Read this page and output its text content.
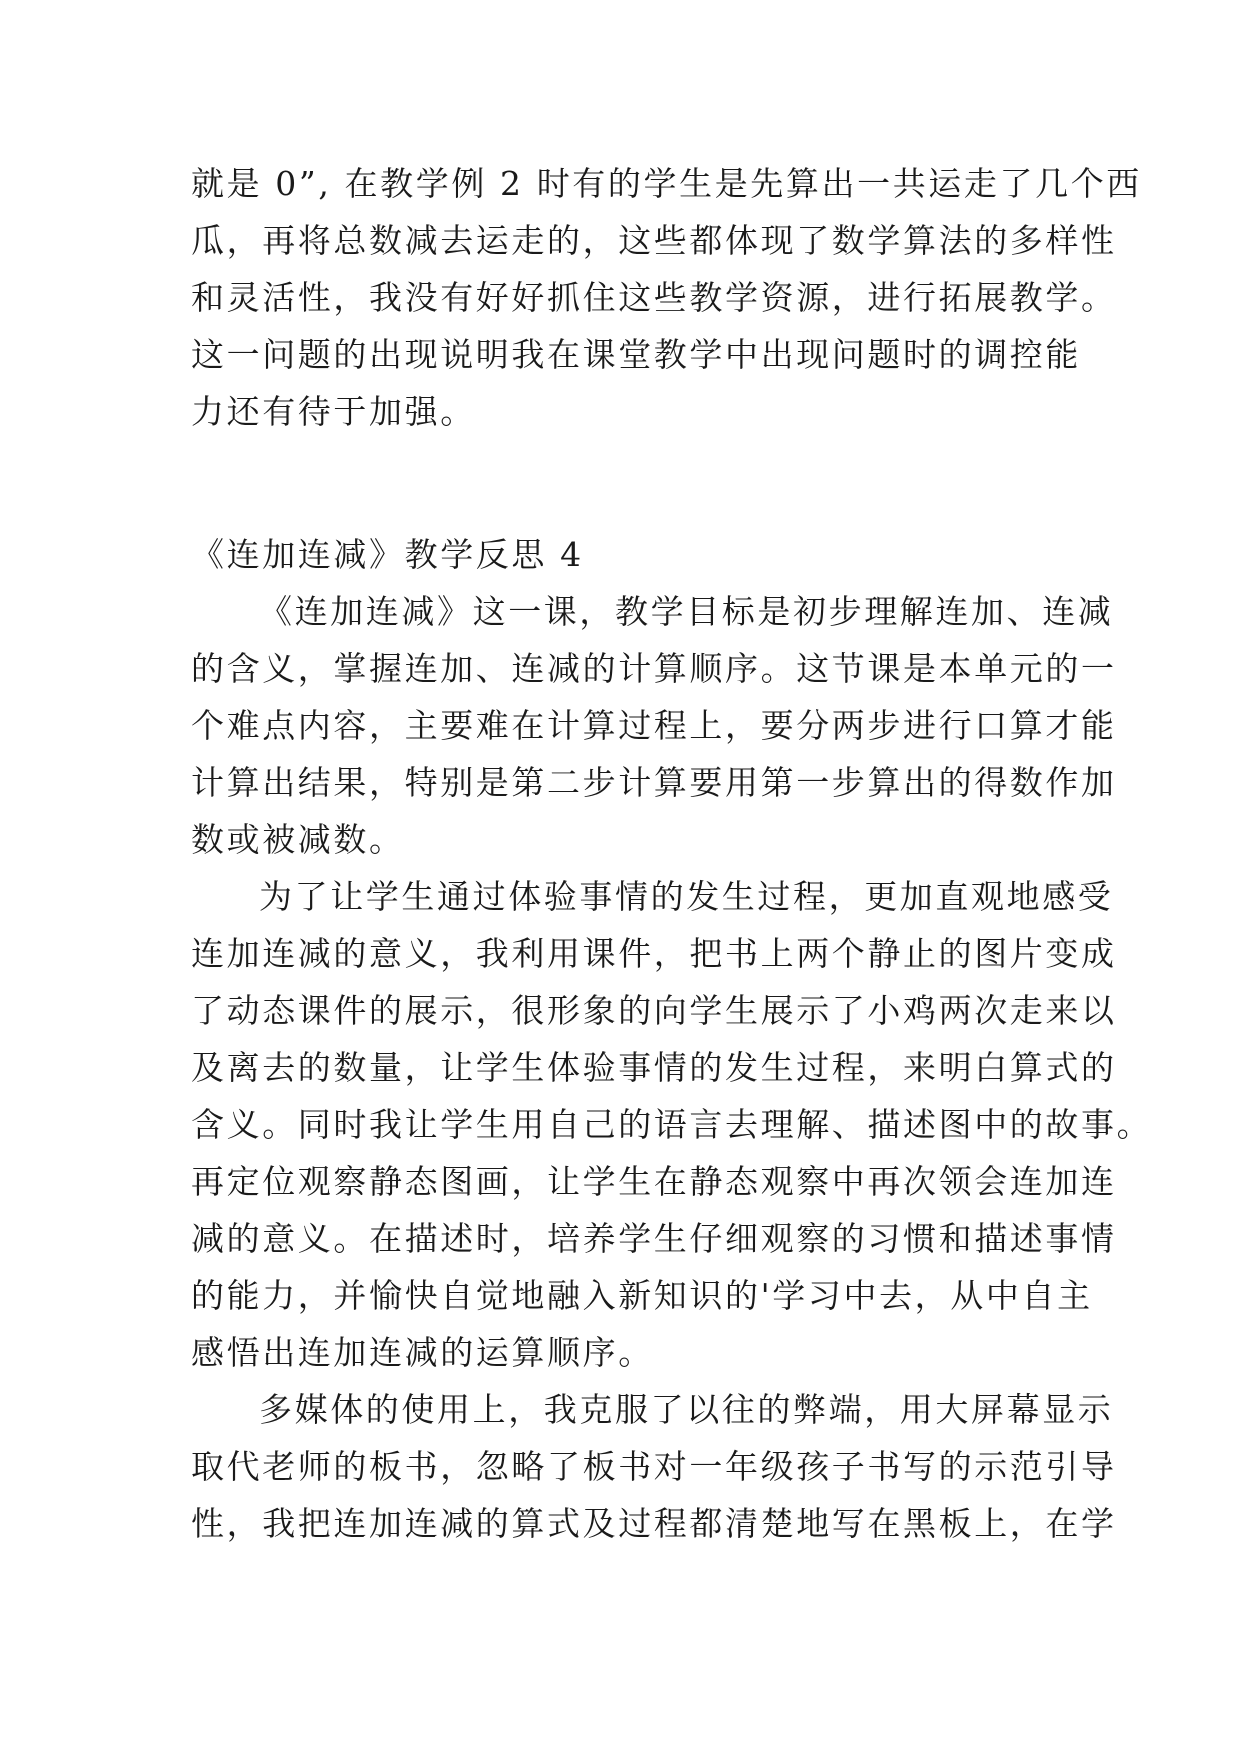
就是 0”, 在教学例 2 时有的学生是先算出一共运走了几个西
瓜，再将总数减去运走的，这些都体现了数学算法的多样性
和灵活性，我没有好好抓住这些教学资源，进行拓展教学。
这一问题的出现说明我在课堂教学中出现问题时的调控能
力还有待于加强。
《连加连减》教学反思 4
《连加连减》这一课，教学目标是初步理解连加、连减
的含义，掌握连加、连减的计算顺序。这节课是本单元的一
个难点内容，主要难在计算过程上，要分两步进行口算才能
计算出结果，特别是第二步计算要用第一步算出的得数作加
数或被减数。
为了让学生通过体验事情的发生过程，更加直观地感受
连加连减的意义，我利用课件，把书上两个静止的图片变成
了动态课件的展示，很形象的向学生展示了小鸡两次走来以
及离去的数量，让学生体验事情的发生过程，来明白算式的
含义。同时我让学生用自己的语言去理解、描述图中的故事。
再定位观察静态图画，让学生在静态观察中再次领会连加连
减的意义。在描述时，培养学生仔细观察的习惯和描述事情
的能力，并愉快自觉地融入新知识的'学习中去，从中自主
感悟出连加连减的运算顺序。
多媒体的使用上，我克服了以往的弊端，用大屏幕显示
取代老师的板书，忽略了板书对一年级孩子书写的示范引导
性，我把连加连减的算式及过程都清楚地写在黑板上，在学
